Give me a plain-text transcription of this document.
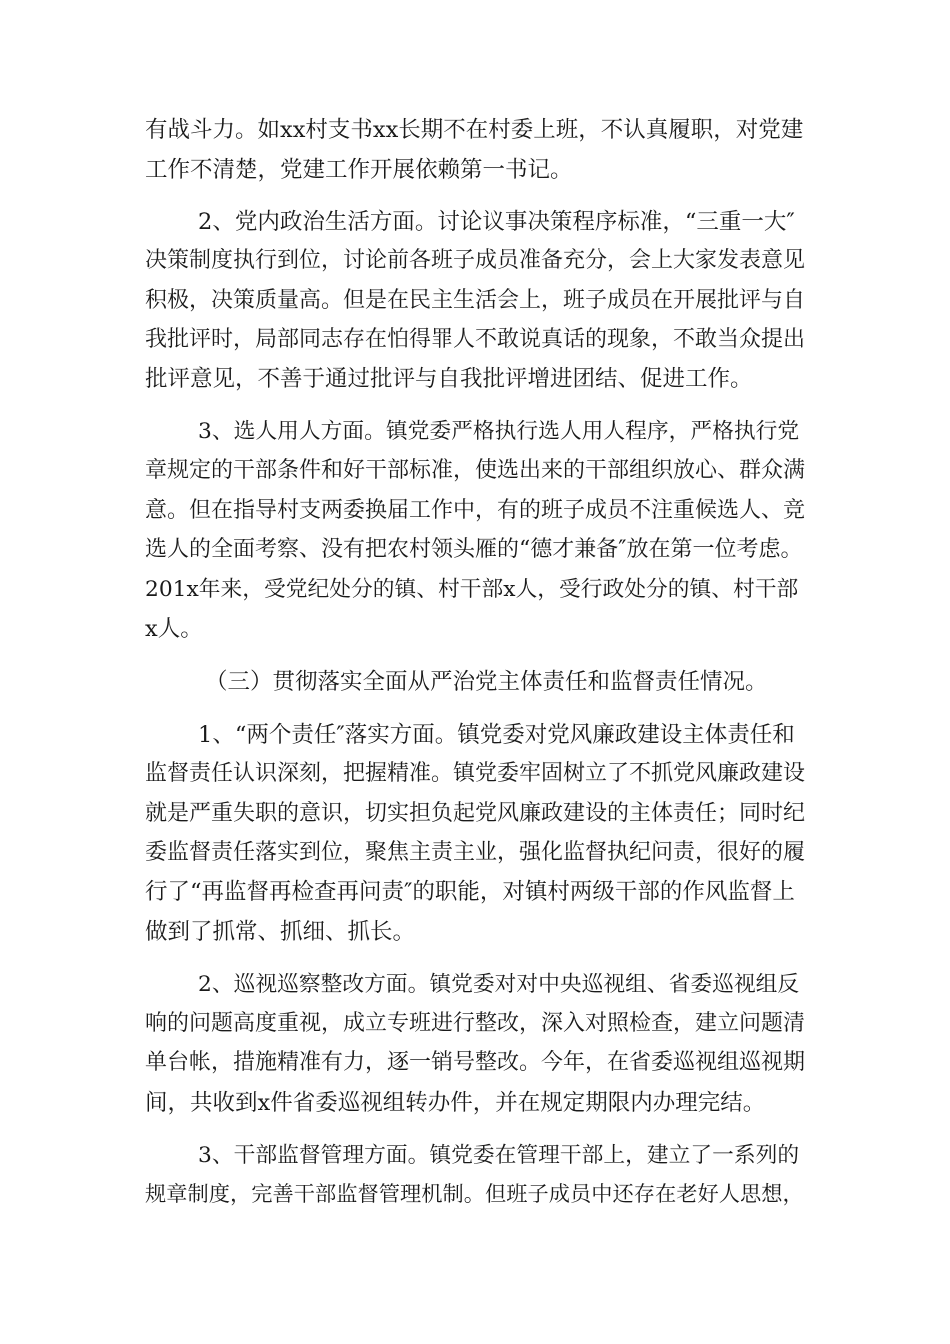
有战斗力。如xx村支书xx长期不在村委上班，不认真履职，对党建

工作不清楚，党建工作开展依赖第一书记。

2、党内政治生活方面。讨论议事决策程序标准，“三重一大″

决策制度执行到位，讨论前各班子成员准备充分，会上大家发表意见

积极，决策质量高。但是在民主生活会上，班子成员在开展批评与自

我批评时，局部同志存在怕得罪人不敢说真话的现象，不敢当众提出

批评意见，不善于通过批评与自我批评增进团结、促进工作。

3、选人用人方面。镇党委严格执行选人用人程序，严格执行党

章规定的干部条件和好干部标准，使选出来的干部组织放心、群众满

意。但在指导村支两委换届工作中，有的班子成员不注重候选人、竞

选人的全面考察、没有把农村领头雁的“德才兼备″放在第一位考虑。

201x年来，受党纪处分的镇、村干部x人，受行政处分的镇、村干部

x人。

（三）贯彻落实全面从严治党主体责任和监督责任情况。

1、“两个责任″落实方面。镇党委对党风廉政建设主体责任和

监督责任认识深刻，把握精准。镇党委牢固树立了不抓党风廉政建设

就是严重失职的意识，切实担负起党风廉政建设的主体责任；同时纪

委监督责任落实到位，聚焦主责主业，强化监督执纪问责，很好的履

行了“再监督再检查再问责″的职能，对镇村两级干部的作风监督上

做到了抓常、抓细、抓长。

2、巡视巡察整改方面。镇党委对对中央巡视组、省委巡视组反

响的问题高度重视，成立专班进行整改，深入对照检查，建立问题清

单台帐，措施精准有力，逐一销号整改。今年，在省委巡视组巡视期

间，共收到x件省委巡视组转办件，并在规定期限内办理完结。

3、干部监督管理方面。镇党委在管理干部上，建立了一系列的

规章制度，完善干部监督管理机制。但班子成员中还存在老好人思想，
